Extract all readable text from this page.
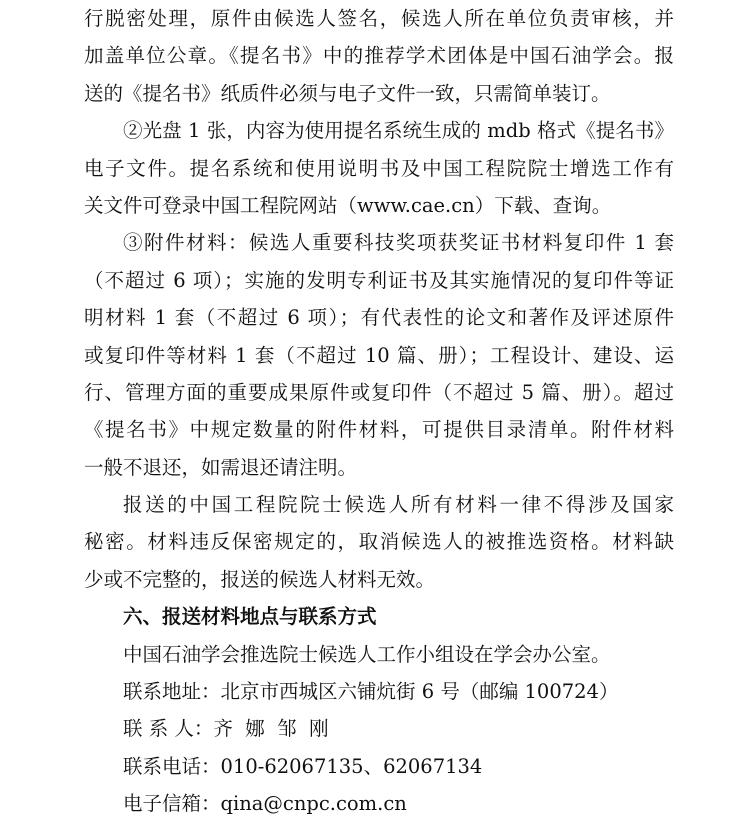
行脱密处理，原件由候选人签名，候选人所在单位负责审核，并
加盖单位公章。《提名书》中的推荐学术团体是中国石油学会。报
送的《提名书》纸质件必须与电子文件一致，只需简单装订。
②光盘 1 张，内容为使用提名系统生成的 mdb 格式《提名书》
电子文件。提名系统和使用说明书及中国工程院院士增选工作有
关文件可登录中国工程院网站（www.cae.cn）下载、查询。
③附件材料：候选人重要科技奖项获奖证书材料复印件 1 套
（不超过 6 项）；实施的发明专利证书及其实施情况的复印件等证
明材料 1 套（不超过 6 项）；有代表性的论文和著作及评述原件
或复印件等材料 1 套（不超过 10 篇、册）；工程设计、建设、运
行、管理方面的重要成果原件或复印件（不超过 5 篇、册）。超过
《提名书》中规定数量的附件材料，可提供目录清单。附件材料
一般不退还，如需退还请注明。
报送的中国工程院院士候选人所有材料一律不得涉及国家
秘密。材料违反保密规定的，取消候选人的被推选资格。材料缺
少或不完整的，报送的候选人材料无效。
六、报送材料地点与联系方式
中国石油学会推选院士候选人工作小组设在学会办公室。
联系地址：北京市西城区六铺炕街 6 号（邮编 100724）
联 系 人：齐  娜  邹  刚
联系电话：010-62067135、62067134
电子信箱：qina@cnpc.com.cn
